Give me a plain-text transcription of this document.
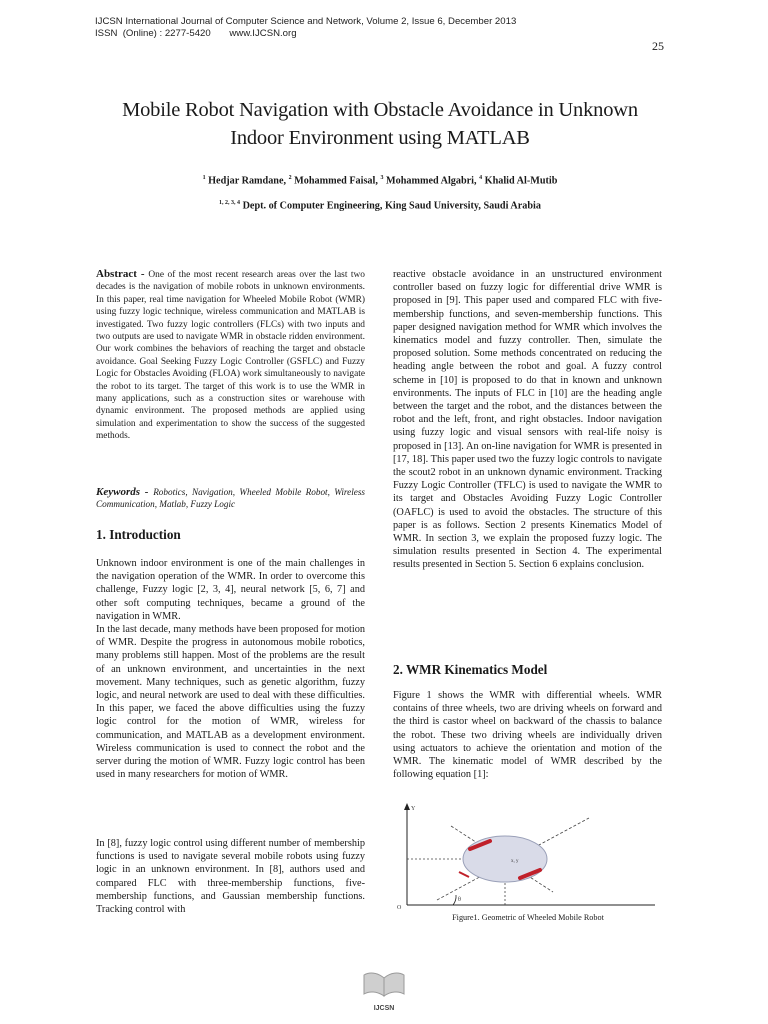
IJCSN International Journal of Computer Science and Network, Volume 2, Issue 6, December 2013
ISSN  (Online) : 2277-5420       www.IJCSN.org
25
Mobile Robot Navigation with Obstacle Avoidance in Unknown
Indoor Environment using MATLAB
$^1$ Hedjar Ramdane, $^2$ Mohammed Faisal, $^3$ Mohammed Algabri, $^4$ Khalid Al-Mutib
$^{1, 2, 3, 4}$ Dept. of Computer Engineering, King Saud University, Saudi Arabia
Abstract - One of the most recent research areas over the last two decades is the navigation of mobile robots in unknown environments. In this paper, real time navigation for Wheeled Mobile Robot (WMR) using fuzzy logic technique, wireless communication and MATLAB is investigated. Two fuzzy logic controllers (FLCs) with two inputs and two outputs are used to navigate WMR in obstacle ridden environment. Our work combines the behaviors of reaching the target and obstacle avoidance. Goal Seeking Fuzzy Logic Controller (GSFLC) and Fuzzy Logic for Obstacles Avoiding (FLOA) work simultaneously to navigate the robot to its target. The target of this work is to use the WMR in many applications, such as a construction sites or warehouse with dynamic environment. The proposed methods are applied using simulation and experimentation to show the success of the suggested methods.
Keywords - Robotics, Navigation, Wheeled Mobile Robot, Wireless Communication, Matlab, Fuzzy Logic
1. Introduction
Unknown indoor environment is one of the main challenges in the navigation operation of the WMR. In order to overcome this challenge, Fuzzy logic [2, 3, 4], neural network [5, 6, 7] and other soft computing techniques, became a ground of the navigation in WMR.
In the last decade, many methods have been proposed for motion of WMR. Despite the progress in autonomous mobile robotics, many problems still happen. Most of the problems are the result of an unknown environment, and uncertainties in the next movement. Many techniques, such as genetic algorithm, fuzzy logic, and neural network are used to deal with these difficulties. In this paper, we faced the above difficulties using the fuzzy logic control for the motion of WMR, wireless for communication, and MATLAB as a development environment. Wireless communication is used to connect the robot and the server during the motion of WMR. Fuzzy logic control has been used in many researchers for motion of WMR.
In [8], fuzzy logic control using different number of membership functions is used to navigate several mobile robots using fuzzy logic in an unknown environment. In [8], authors used and compared FLC with three-membership functions, five-membership functions, and Gaussian membership functions. Tracking control with
reactive obstacle avoidance in an unstructured environment controller based on fuzzy logic for differential drive WMR is proposed in [9]. This paper used and compared FLC with five-membership functions, and seven-membership functions. This paper designed navigation method for WMR which involves the kinematics model and fuzzy controller. Then, simulate the proposed solution. Some methods concentrated on reducing the heading angle between the robot and goal. A fuzzy control scheme in [10] is proposed to do that in known and unknown environments. The inputs of FLC in [10] are the heading angle between the target and the robot, and the distances between the robot and the left, front, and right obstacles. Indoor navigation using fuzzy logic and visual sensors with real-life noisy is proposed in [13]. An on-line navigation for WMR is presented in [17, 18]. This paper used two the fuzzy logic controls to navigate the scout2 robot in an unknown dynamic environment. Tracking Fuzzy Logic Controller (TFLC) is used to navigate the WMR to its target and Obstacles Avoiding Fuzzy Logic Controller (OAFLC) is used to avoid the obstacles. The structure of this paper is as follows. Section 2 presents Kinematics Model of WMR. In section 3, we explain the proposed fuzzy logic. The simulation results presented in Section 4. The experimental results presented in Section 5. Section 6 explains conclusion.
2. WMR Kinematics Model
Figure 1 shows the WMR with differential wheels. WMR contains of three wheels, two are driving wheels on forward and the third is castor wheel on backward of the chassis to balance the robot. These two driving wheels are individually driven using actuators to achieve the orientation and motion of the WMR. The kinematic model of WMR described by the following equation [1]:
Y
O
x, y
θ
Figure1. Geometric of Wheeled Mobile Robot
IJCSN
